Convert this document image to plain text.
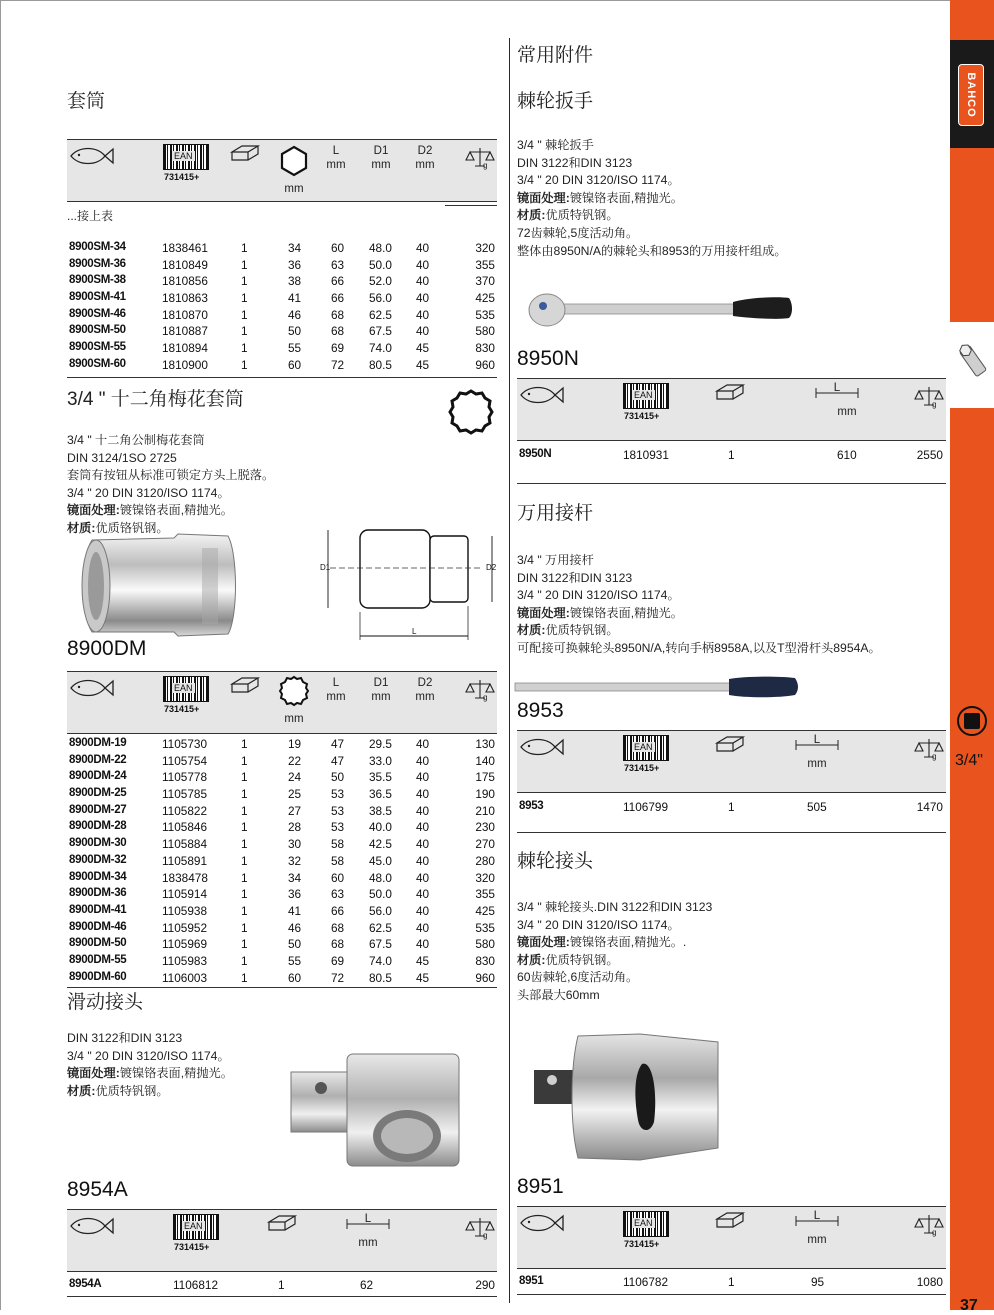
BAHCO
3/4"
37
套筒
EAN
731415+
mm
L
mm
D1
mm
D2
mm	g
...接上表
8900SM-34	1838461	1	34	60 48.0 40	320
8900SM-36	1810849	1	36	63 50.0 40	355
8900SM-38	1810856	1	38	66 52.0 40	370
8900SM-41	1810863	1	41	66 56.0 40	425
8900SM-46	1810870	1	46	68 62.5 40	535
8900SM-50	1810887	1	50	68 67.5 40	580
8900SM-55	1810894	1	55	69 74.0 45	830
8900SM-60	1810900	1	60	72 80.5 45	960
3/4 " 十二角梅花套筒
3/4 " 十二角公制梅花套筒
DIN 3124/1SO 2725
套筒有按钮从标准可锁定方头上脱落。
3/4 " 20 DIN 3120/ISO 1174。
镜面处理:镀镍铬表面,精抛光。
材质:优质铬钒钢。
D1	D2
L
8900DM
EAN
731415+
mm
L
mm
D1
mm
D2
mm	g
8900DM-19	1105730	1	19	47 29.5 40	130
8900DM-22	1105754	1	22	47 33.0 40	140
8900DM-24	1105778	1	24	50 35.5 40	175
8900DM-25	1105785	1	25	53 36.5 40	190
8900DM-27	1105822	1	27	53 38.5 40	210
8900DM-28	1105846	1	28	53 40.0 40	230
8900DM-30	1105884	1	30	58 42.5 40	270
8900DM-32	1105891	1	32	58 45.0 40	280
8900DM-34	1838478	1	34	60 48.0 40	320
8900DM-36	1105914	1	36	63 50.0 40	355
8900DM-41	1105938	1	41	66 56.0 40	425
8900DM-46	1105952	1	46	68 62.5 40	535
8900DM-50	1105969	1	50	68 67.5 40	580
8900DM-55	1105983	1	55	69 74.0 45	830
8900DM-60	1106003	1	60	72 80.5 45	960
滑动接头
DIN 3122和DIN 3123
3/4 " 20 DIN 3120/ISO 1174。
镜面处理:镀镍铬表面,精抛光。
材质:优质特钒钢。
8954A
EAN
731415+
L
mm
g
8954A	1106812	1	62	290
常用附件
棘轮扳手
3/4 " 棘轮扳手
DIN 3122和DIN 3123
3/4 " 20 DIN 3120/ISO 1174。
镜面处理:镀镍铬表面,精抛光。
材质:优质特钒钢。
72齿棘轮,5度活动角。
整体由8950N/A的棘轮头和8953的万用接杆组成。
8950N
EAN
731415+
L
mm
g
8950N	1810931	1	610	2550
万用接杆
3/4 " 万用接杆
DIN 3122和DIN 3123
3/4 " 20 DIN 3120/ISO 1174。
镜面处理:镀镍铬表面,精抛光。
材质:优质特钒钢。
可配接可换棘轮头8950N/A,转向手柄8958A,以及T型滑杆头8954A。
8953
EAN
731415+
L
mm
g
8953	1106799	1	505	1470
棘轮接头
3/4 " 棘轮接头.DIN 3122和DIN 3123
3/4 " 20 DIN 3120/ISO 1174。
镜面处理:镀镍铬表面,精抛光。.
材质:优质特钒钢。
60齿棘轮,6度活动角。
头部最大60mm
8951
EAN
731415+
L
mm
g
8951	1106782	1	95	1080
